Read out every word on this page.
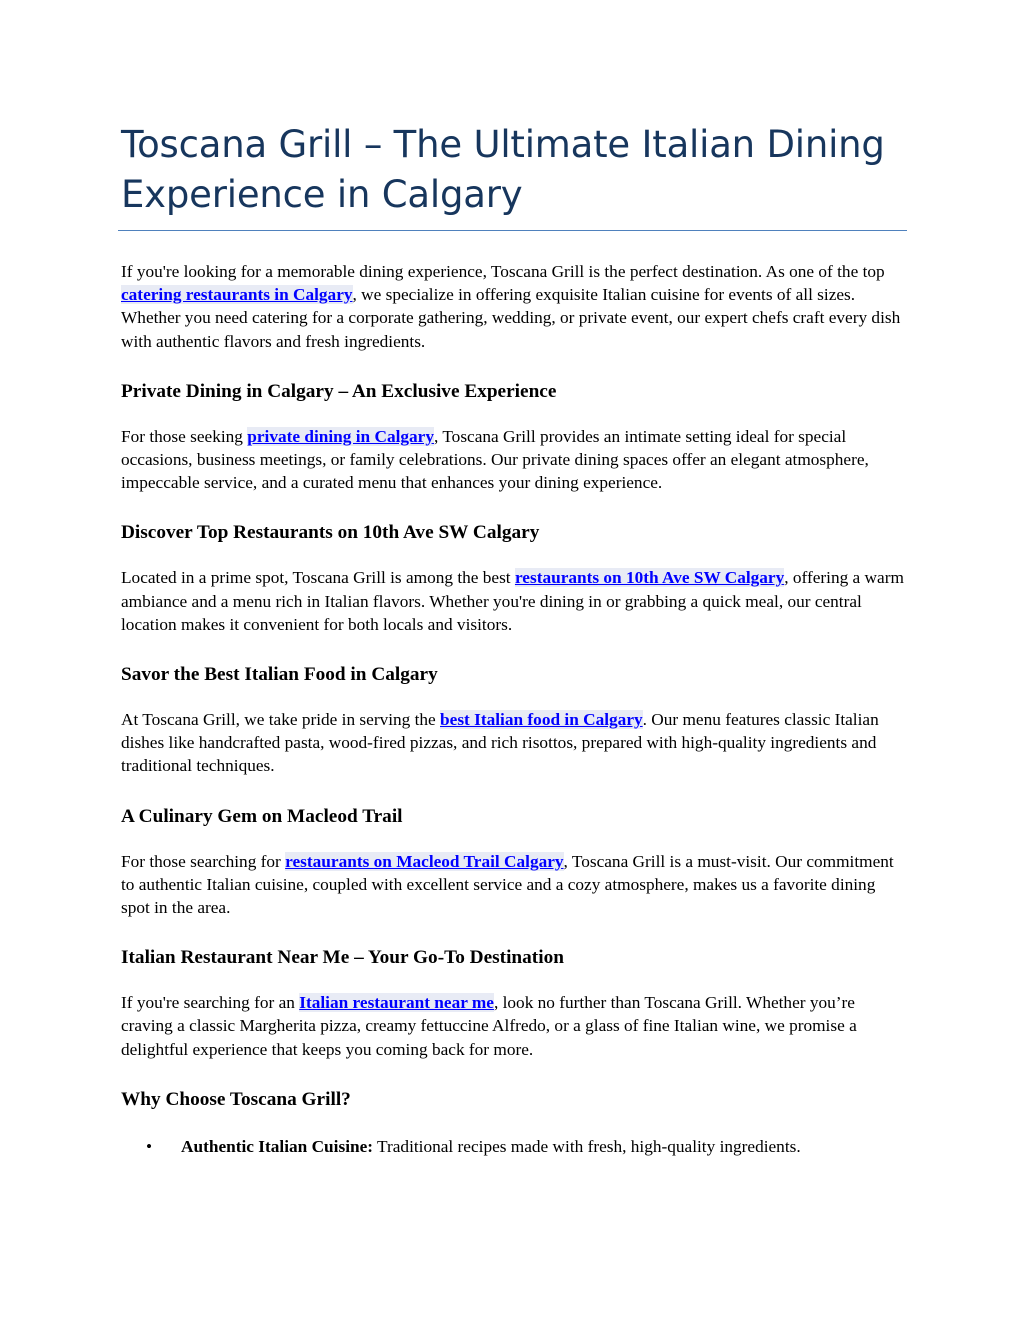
Toscana Grill – The Ultimate Italian Dining Experience in Calgary

If you're looking for a memorable dining experience, Toscana Grill is the perfect destination. As one of the top catering restaurants in Calgary, we specialize in offering exquisite Italian cuisine for events of all sizes. Whether you need catering for a corporate gathering, wedding, or private event, our expert chefs craft every dish with authentic flavors and fresh ingredients.

Private Dining in Calgary – An Exclusive Experience

For those seeking private dining in Calgary, Toscana Grill provides an intimate setting ideal for special occasions, business meetings, or family celebrations. Our private dining spaces offer an elegant atmosphere, impeccable service, and a curated menu that enhances your dining experience.

Discover Top Restaurants on 10th Ave SW Calgary

Located in a prime spot, Toscana Grill is among the best restaurants on 10th Ave SW Calgary, offering a warm ambiance and a menu rich in Italian flavors. Whether you're dining in or grabbing a quick meal, our central location makes it convenient for both locals and visitors.

Savor the Best Italian Food in Calgary

At Toscana Grill, we take pride in serving the best Italian food in Calgary. Our menu features classic Italian dishes like handcrafted pasta, wood-fired pizzas, and rich risottos, prepared with high-quality ingredients and traditional techniques.

A Culinary Gem on Macleod Trail

For those searching for restaurants on Macleod Trail Calgary, Toscana Grill is a must-visit. Our commitment to authentic Italian cuisine, coupled with excellent service and a cozy atmosphere, makes us a favorite dining spot in the area.

Italian Restaurant Near Me – Your Go-To Destination

If you're searching for an Italian restaurant near me, look no further than Toscana Grill. Whether you’re craving a classic Margherita pizza, creamy fettuccine Alfredo, or a glass of fine Italian wine, we promise a delightful experience that keeps you coming back for more.

Why Choose Toscana Grill?
• Authentic Italian Cuisine: Traditional recipes made with fresh, high-quality ingredients.
